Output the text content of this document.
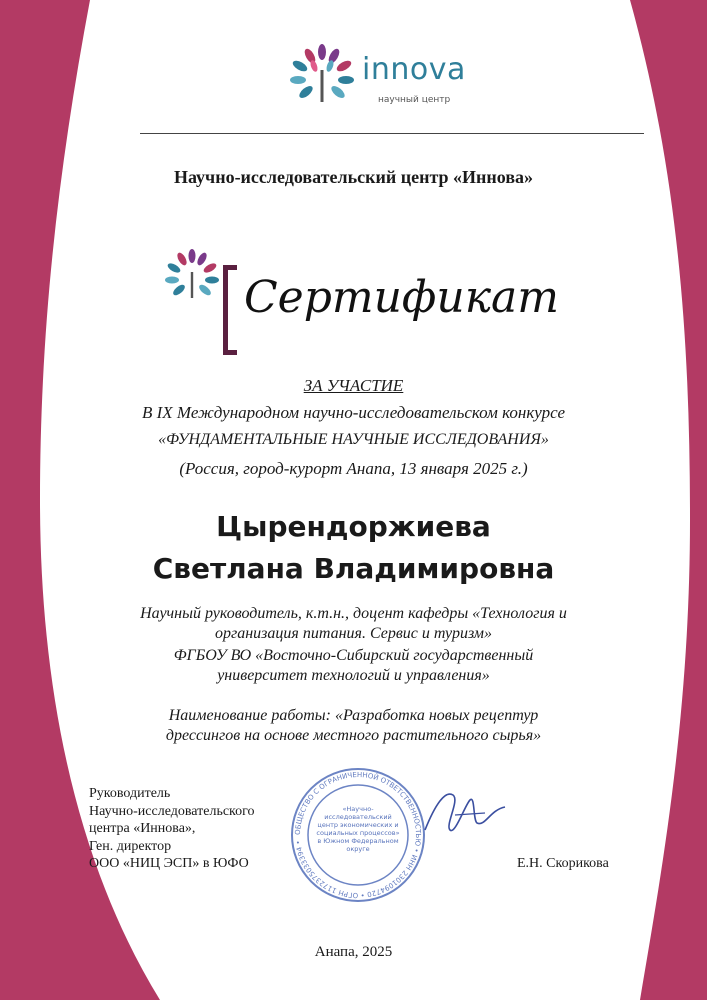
innova
научный центр
Научно-исследовательский центр «Иннова»
Сертификат
ЗА УЧАСТИЕ
В IX Международном научно-исследовательском конкурсе
«ФУНДАМЕНТАЛЬНЫЕ НАУЧНЫЕ ИССЛЕДОВАНИЯ»
(Россия, город-курорт Анапа, 13 января 2025 г.)
Цырендоржиева
Светлана Владимировна
Научный руководитель, к.т.н., доцент кафедры «Технология и
организация питания. Сервис и туризм»
ФГБОУ ВО «Восточно-Сибирский государственный
университет технологий и управления»
Наименование работы: «Разработка новых рецептур
дрессингов на основе местного растительного сырья»
Руководитель
Научно-исследовательского
центра «Иннова»,
Ген. директор
ООО «НИЦ ЭСП» в ЮФО
ОБЩЕСТВО С ОГРАНИЧЕННОЙ ОТВЕТСТВЕННОСТЬЮ • ИНН 2301094720 • ОГРН 1172375033394 •
«Научно-исследовательский центр экономических и социальных процессов» в Южном Федеральном округе
Е.Н. Скорикова
Анапа, 2025
